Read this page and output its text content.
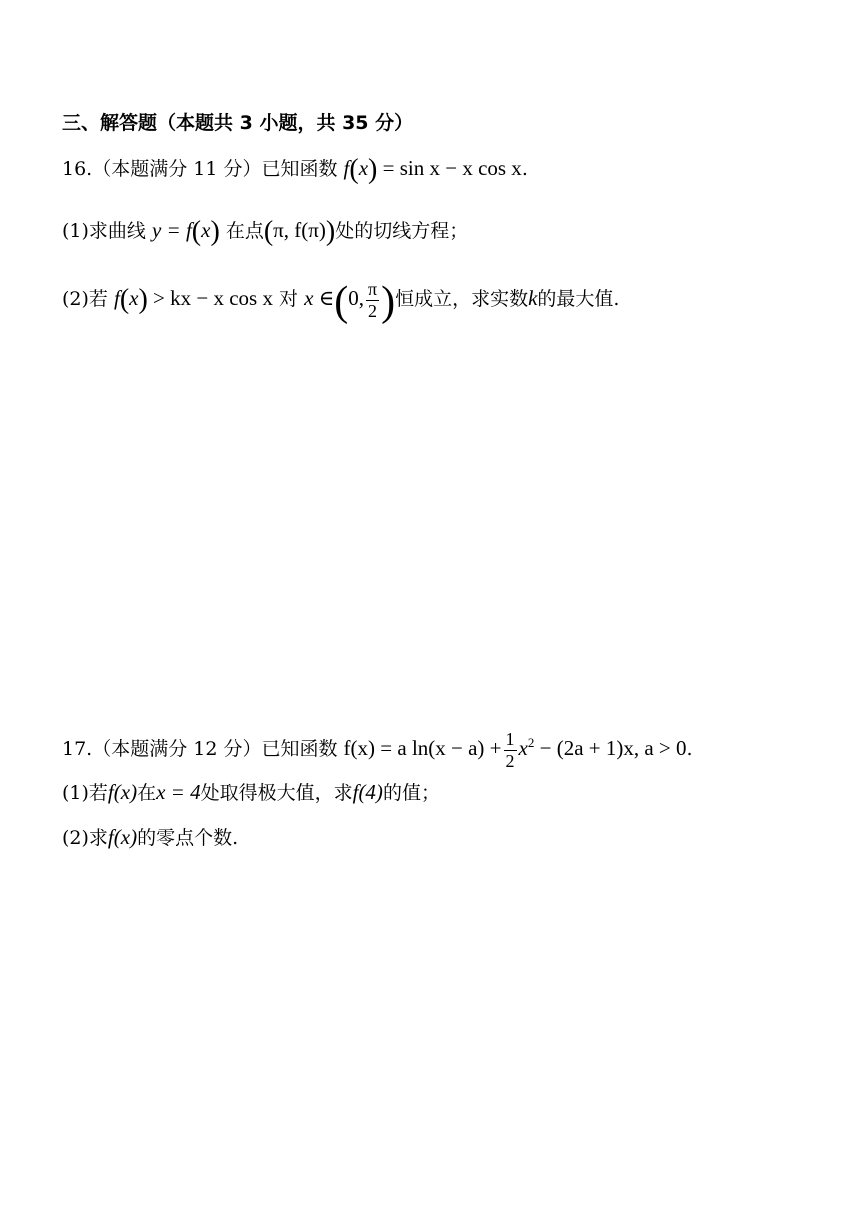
三、解答题（本题共 3 小题，共 35 分）
16.（本题满分 11 分）已知函数 f(x) = sin x − x cos x.
(1)求曲线 y = f(x) 在点(π, f(π))处的切线方程；
(2)若 f(x) > kx − x cos x 对 x ∈(0, $\frac{\pi}{2}$ )恒成立，求实数k的最大值.
17.（本题满分 12 分）已知函数 f(x) = a $\ln(x - a) + \frac{1}{2} x^2 - (2a + 1)x$, a > 0.
(1)若f(x)在x = 4处取得极大值，求f(4)的值；
(2)求f(x)的零点个数.
